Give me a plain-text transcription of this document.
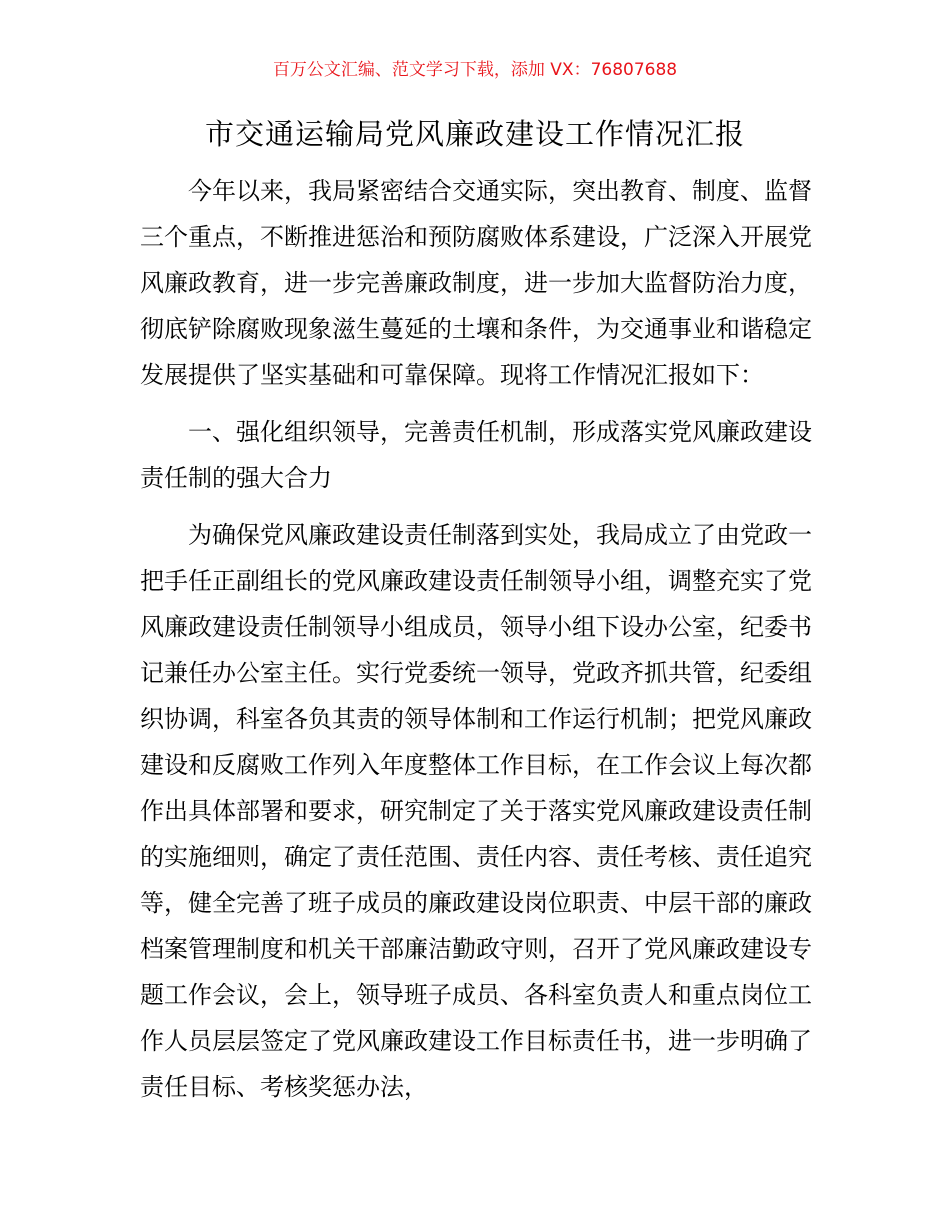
百万公文汇编、范文学习下载，添加 VX：76807688
市交通运输局党风廉政建设工作情况汇报

今年以来，我局紧密结合交通实际，突出教育、制度、监督三个重点，不断推进惩治和预防腐败体系建设，广泛深入开展党风廉政教育，进一步完善廉政制度，进一步加大监督防治力度，彻底铲除腐败现象滋生蔓延的土壤和条件，为交通事业和谐稳定发展提供了坚实基础和可靠保障。现将工作情况汇报如下：

一、强化组织领导，完善责任机制，形成落实党风廉政建设责任制的强大合力

为确保党风廉政建设责任制落到实处，我局成立了由党政一把手任正副组长的党风廉政建设责任制领导小组，调整充实了党风廉政建设责任制领导小组成员，领导小组下设办公室，纪委书记兼任办公室主任。实行党委统一领导，党政齐抓共管，纪委组织协调，科室各负其责的领导体制和工作运行机制；把党风廉政建设和反腐败工作列入年度整体工作目标，在工作会议上每次都作出具体部署和要求，研究制定了关于落实党风廉政建设责任制的实施细则，确定了责任范围、责任内容、责任考核、责任追究等，健全完善了班子成员的廉政建设岗位职责、中层干部的廉政档案管理制度和机关干部廉洁勤政守则，召开了党风廉政建设专题工作会议，会上，领导班子成员、各科室负责人和重点岗位工作人员层层签定了党风廉政建设工作目标责任书，进一步明确了责任目标、考核奖惩办法，
